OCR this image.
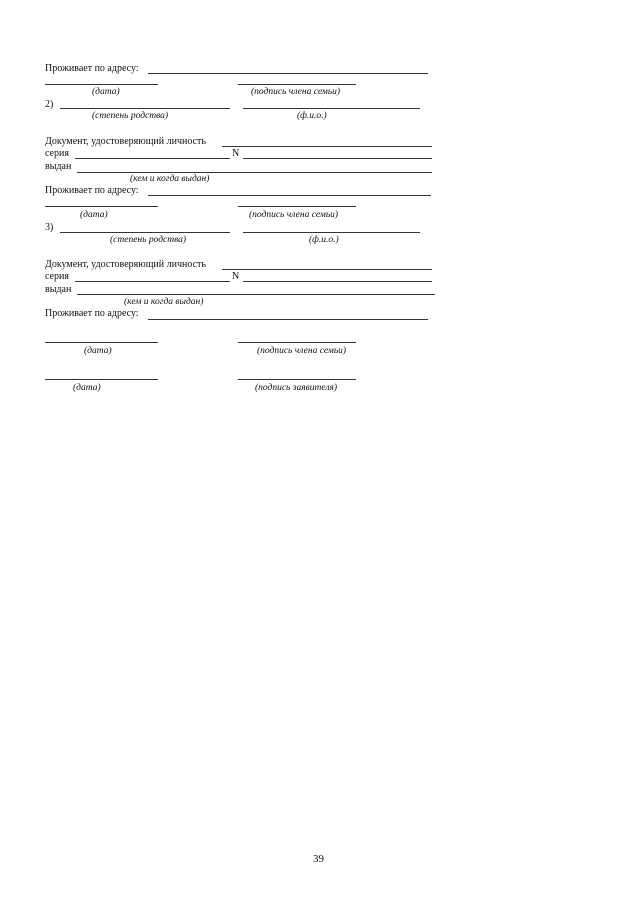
Проживает по адресу:
(дата)	(подпись члена семьи)
2)
(степень родства)	(ф.и.о.)
Документ, удостоверяющий личность
серия	N
выдан
(кем и когда выдан)
Проживает по адресу:
(дата)	(подпись члена семьи)
3)
(степень родства)	(ф.и.о.)
Документ, удостоверяющий личность
серия	N
выдан
(кем и когда выдан)
Проживает по адресу:
(дата)	(подпись члена семьи)
(дата)	(подпись заявителя)
39
